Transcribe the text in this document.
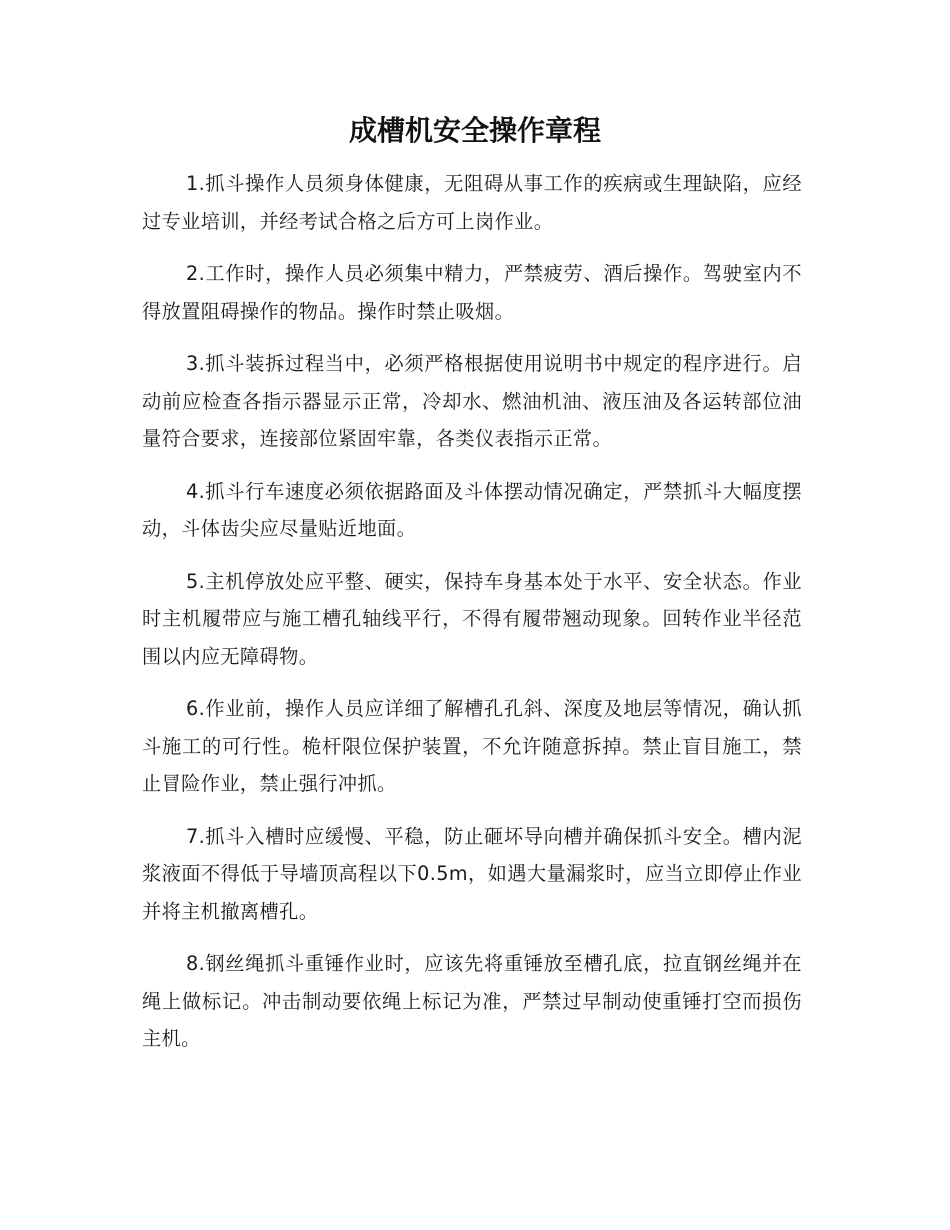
成槽机安全操作章程

1.抓斗操作人员须身体健康，无阻碍从事工作的疾病或生理缺陷，应经过专业培训，并经考试合格之后方可上岗作业。

2.工作时，操作人员必须集中精力，严禁疲劳、酒后操作。驾驶室内不得放置阻碍操作的物品。操作时禁止吸烟。

3.抓斗装拆过程当中，必须严格根据使用说明书中规定的程序进行。启动前应检查各指示器显示正常，冷却水、燃油机油、液压油及各运转部位油量符合要求，连接部位紧固牢靠，各类仪表指示正常。

4.抓斗行车速度必须依据路面及斗体摆动情况确定，严禁抓斗大幅度摆动，斗体齿尖应尽量贴近地面。

5.主机停放处应平整、硬实，保持车身基本处于水平、安全状态。作业时主机履带应与施工槽孔轴线平行，不得有履带翘动现象。回转作业半径范围以内应无障碍物。

6.作业前，操作人员应详细了解槽孔孔斜、深度及地层等情况，确认抓斗施工的可行性。桅杆限位保护装置，不允许随意拆掉。禁止盲目施工，禁止冒险作业，禁止强行冲抓。

7.抓斗入槽时应缓慢、平稳，防止砸坏导向槽并确保抓斗安全。槽内泥浆液面不得低于导墙顶高程以下0.5m，如遇大量漏浆时，应当立即停止作业并将主机撤离槽孔。

8.钢丝绳抓斗重锤作业时，应该先将重锤放至槽孔底，拉直钢丝绳并在绳上做标记。冲击制动要依绳上标记为准，严禁过早制动使重锤打空而损伤主机。
